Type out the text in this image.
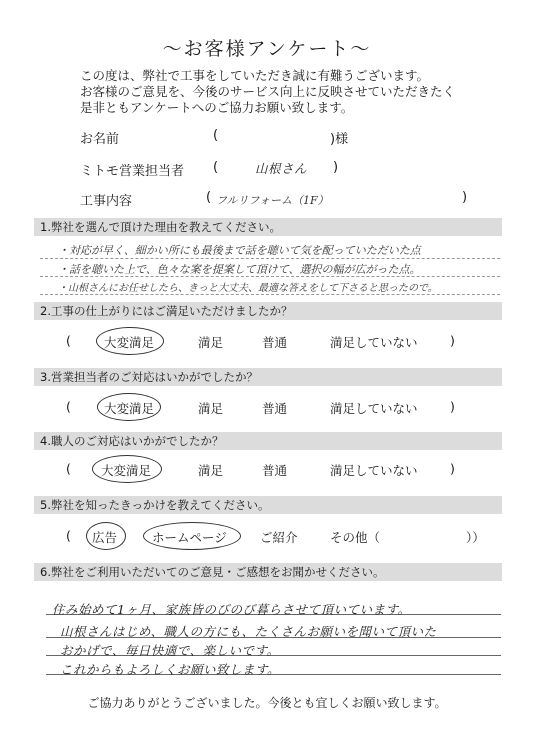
～お客様アンケート～
この度は、弊社で工事をしていただき誠に有難うございます。
お客様のご意見を、今後のサービス向上に反映させていただきたく
是非ともアンケートへのご協力お願い致します。
お名前	(	)様
ミトモ営業担当者 (	山根さん )
工事内容	( フルリフォーム（1F）	)
1.弊社を選んで頂けた理由を教えてください。
・対応が早く、細かい所にも最後まで話を聴いて気を配っていただいた点
・話を聴いた上で、色々な案を提案して頂けて、選択の幅が広がった点。
・山根さんにお任せしたら、きっと大丈夫、最適な答えをして下さると思ったので。
2.工事の仕上がりにはご満足いただけましたか？
(	大変満足	満足	普通	満足していない	)
3.営業担当者のご対応はいかがでしたか？
(	大変満足	満足	普通	満足していない	)
4.職人のご対応はいかがでしたか？
( 大変満足	満足	普通	満足していない	)
5.弊社を知ったきっかけを教えてください。
( 広告	ホームページ	ご紹介	その他（	））
6.弊社をご利用いただいてのご意見・ご感想をお聞かせください。
住み始めて1ヶ月、家族皆のびのび暮らさせて頂いています。
山根さんはじめ、職人の方にも、たくさんお願いを聞いて頂いた
おかげで、毎日快適で、楽しいです。
これからもよろしくお願い致します。
ご協力ありがとうございました。今後とも宜しくお願い致します。
